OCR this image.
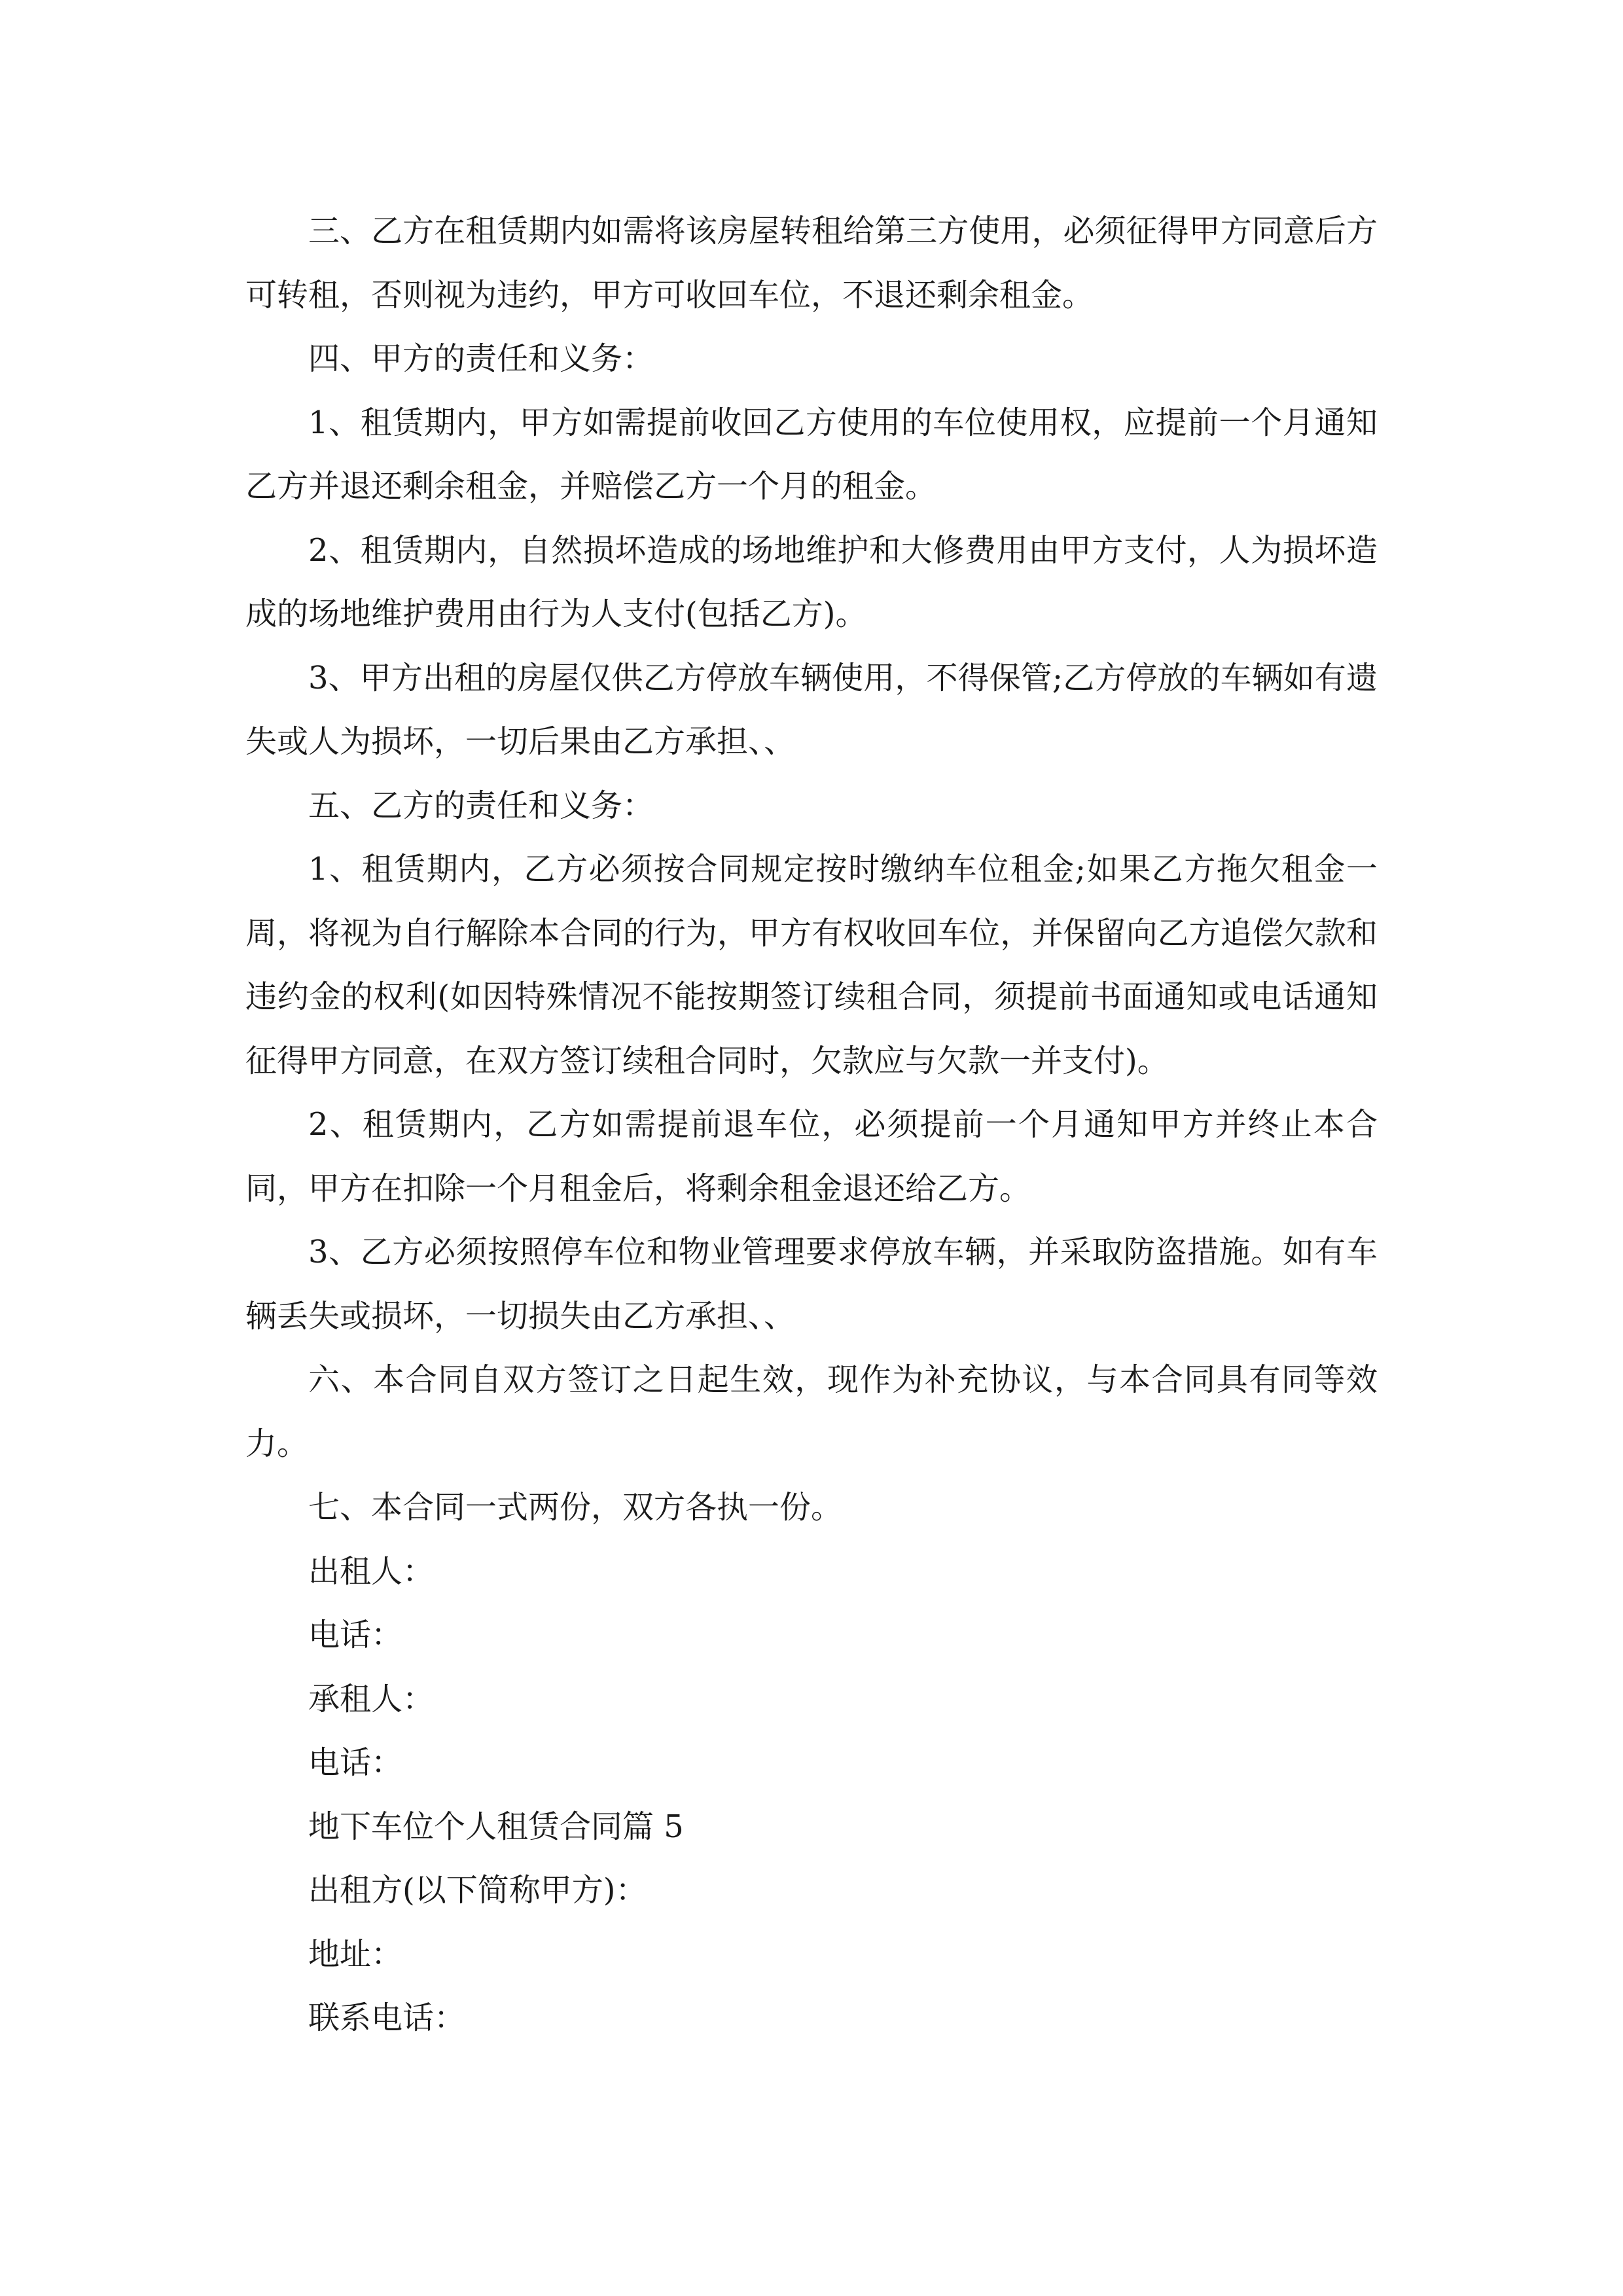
三、乙方在租赁期内如需将该房屋转租给第三方使用，必须征得甲方同意后方可转租，否则视为违约，甲方可收回车位，不退还剩余租金。

四、甲方的责任和义务：

1、租赁期内，甲方如需提前收回乙方使用的车位使用权，应提前一个月通知乙方并退还剩余租金，并赔偿乙方一个月的租金。

2、租赁期内，自然损坏造成的场地维护和大修费用由甲方支付，人为损坏造成的场地维护费用由行为人支付(包括乙方)。

3、甲方出租的房屋仅供乙方停放车辆使用，不得保管;乙方停放的车辆如有遗失或人为损坏，一切后果由乙方承担、、

五、乙方的责任和义务：

1、租赁期内，乙方必须按合同规定按时缴纳车位租金;如果乙方拖欠租金一周，将视为自行解除本合同的行为，甲方有权收回车位，并保留向乙方追偿欠款和违约金的权利(如因特殊情况不能按期签订续租合同，须提前书面通知或电话通知征得甲方同意，在双方签订续租合同时，欠款应与欠款一并支付)。

2、租赁期内，乙方如需提前退车位，必须提前一个月通知甲方并终止本合同，甲方在扣除一个月租金后，将剩余租金退还给乙方。

3、乙方必须按照停车位和物业管理要求停放车辆，并采取防盗措施。如有车辆丢失或损坏，一切损失由乙方承担、、

六、本合同自双方签订之日起生效，现作为补充协议，与本合同具有同等效力。

七、本合同一式两份，双方各执一份。

出租人：

电话：

承租人：

电话：

地下车位个人租赁合同篇 5

出租方(以下简称甲方)：

地址：

联系电话：
